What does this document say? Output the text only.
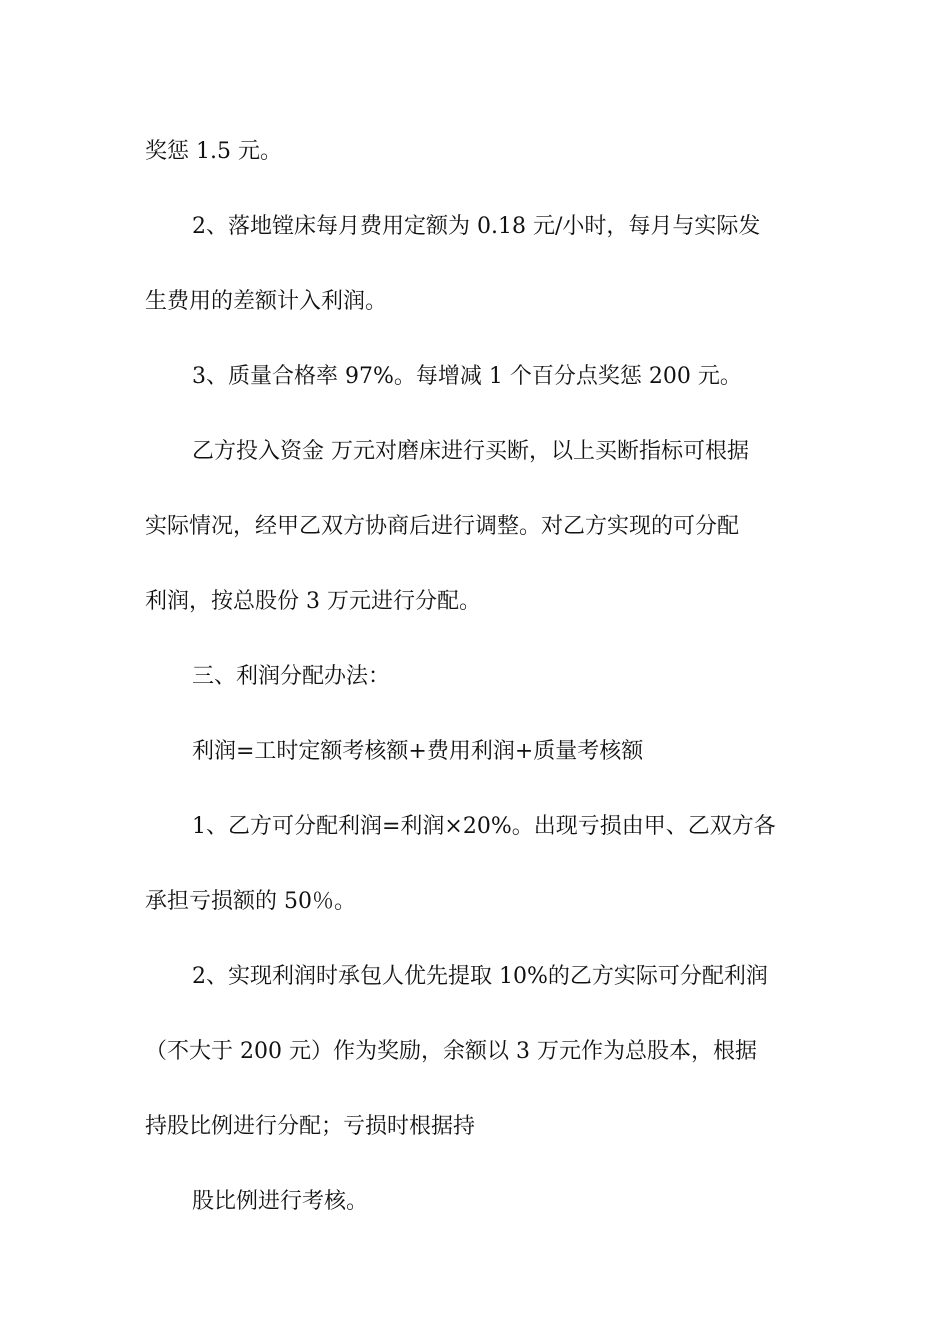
奖惩 1.5 元。

2、落地镗床每月费用定额为 0.18 元/小时，每月与实际发

生费用的差额计入利润。

3、质量合格率 97%。每增减 1 个百分点奖惩 200 元。

乙方投入资金 万元对磨床进行买断，以上买断指标可根据

实际情况，经甲乙双方协商后进行调整。对乙方实现的可分配

利润，按总股份 3 万元进行分配。

三、利润分配办法：

利润=工时定额考核额+费用利润+质量考核额

1、乙方可分配利润=利润×20%。出现亏损由甲、乙双方各

承担亏损额的 50％。

2、实现利润时承包人优先提取 10%的乙方实际可分配利润

（不大于 200 元）作为奖励，余额以 3 万元作为总股本，根据

持股比例进行分配；亏损时根据持

股比例进行考核。
